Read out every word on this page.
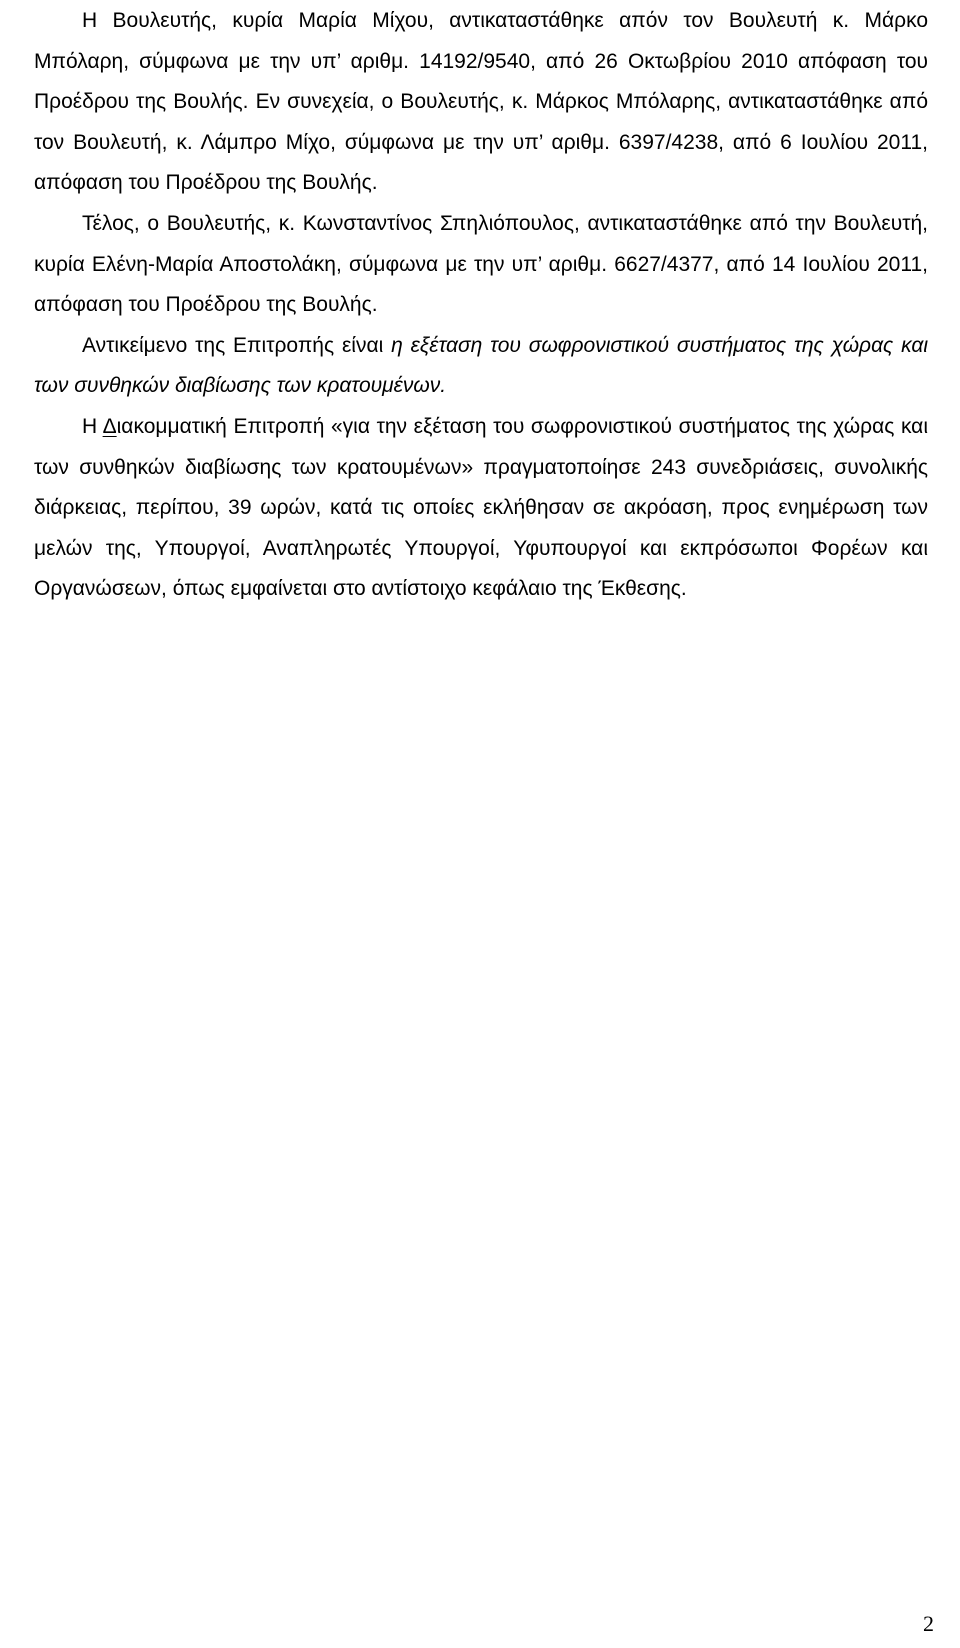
Η Βουλευτής, κυρία Μαρία Μίχου, αντικαταστάθηκε απόν τον Βουλευτή κ. Μάρκο Μπόλαρη, σύμφωνα με την υπ’ αριθμ. 14192/9540, από 26 Οκτωβρίου 2010 απόφαση του Προέδρου της Βουλής. Εν συνεχεία, ο Βουλευτής, κ. Μάρκος Μπόλαρης, αντικαταστάθηκε από τον Βουλευτή, κ. Λάμπρο Μίχο, σύμφωνα με την υπ’ αριθμ. 6397/4238, από 6 Ιουλίου 2011, απόφαση του Προέδρου της Βουλής.

Τέλος, ο Βουλευτής, κ. Κωνσταντίνος Σπηλιόπουλος, αντικαταστάθηκε από την Βουλευτή, κυρία Ελένη-Μαρία Αποστολάκη, σύμφωνα με την υπ’ αριθμ. 6627/4377, από 14 Ιουλίου 2011, απόφαση του Προέδρου της Βουλής.

Αντικείμενο της Επιτροπής είναι η εξέταση του σωφρονιστικού συστήματος της χώρας και των συνθηκών διαβίωσης των κρατουμένων.

Η Διακομματική Επιτροπή «για την εξέταση του σωφρονιστικού συστήματος της χώρας και των συνθηκών διαβίωσης των κρατουμένων» πραγματοποίησε 243 συνεδριάσεις, συνολικής διάρκειας, περίπου, 39 ωρών, κατά τις οποίες εκλήθησαν σε ακρόαση, προς ενημέρωση των μελών της, Υπουργοί, Αναπληρωτές Υπουργοί, Υφυπουργοί και εκπρόσωποι Φορέων και Οργανώσεων, όπως εμφαίνεται στο αντίστοιχο κεφάλαιο της Έκθεσης.

2
